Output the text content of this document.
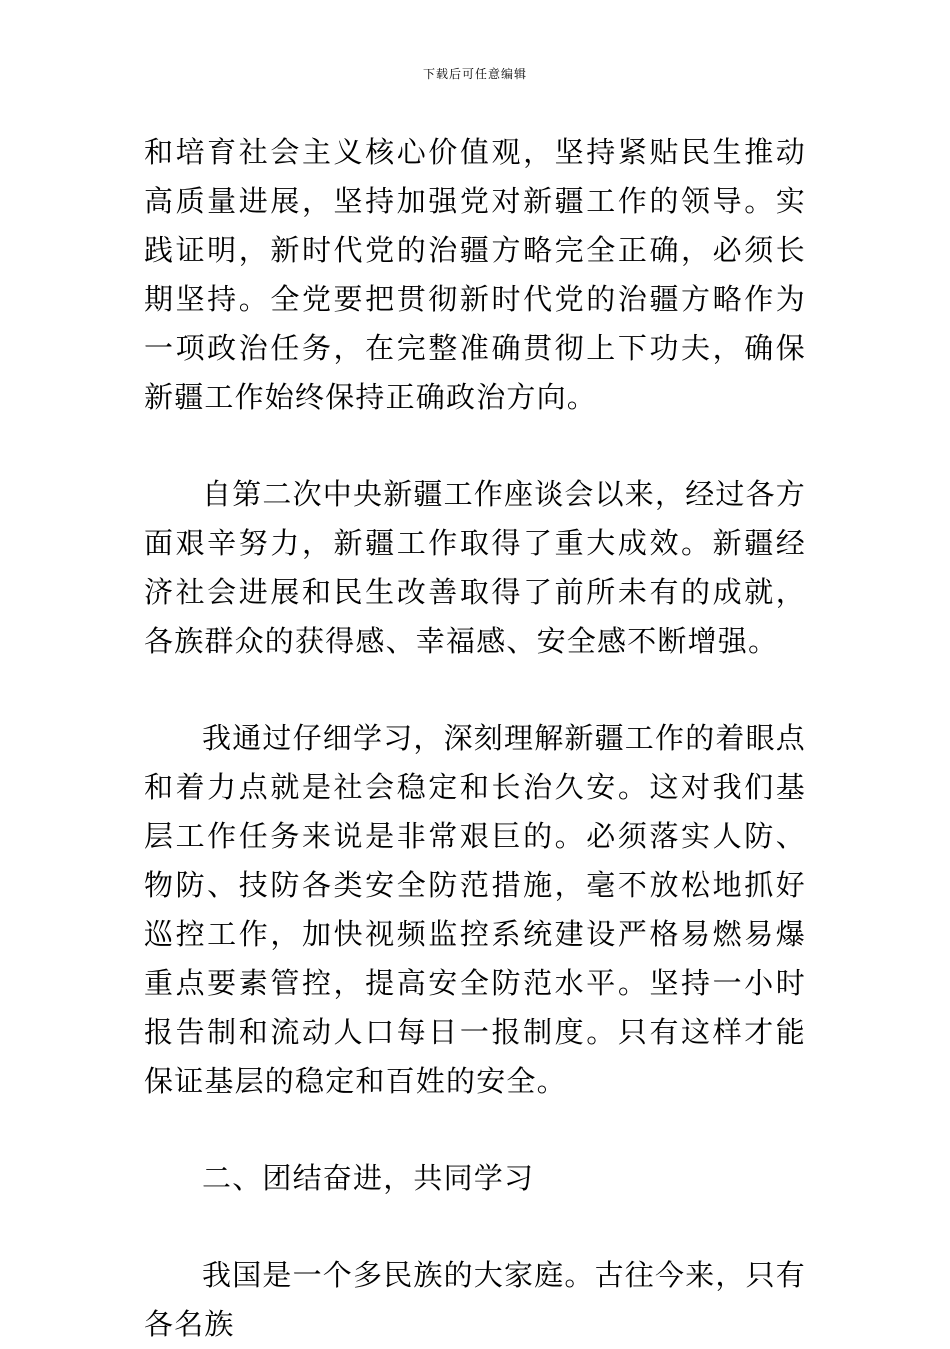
下载后可任意编辑

和培育社会主义核心价值观，坚持紧贴民生推动高质量进展，坚持加强党对新疆工作的领导。实践证明，新时代党的治疆方略完全正确，必须长期坚持。全党要把贯彻新时代党的治疆方略作为一项政治任务，在完整准确贯彻上下功夫，确保新疆工作始终保持正确政治方向。

自第二次中央新疆工作座谈会以来，经过各方面艰辛努力，新疆工作取得了重大成效。新疆经济社会进展和民生改善取得了前所未有的成就，各族群众的获得感、幸福感、安全感不断增强。

我通过仔细学习，深刻理解新疆工作的着眼点和着力点就是社会稳定和长治久安。这对我们基层工作任务来说是非常艰巨的。必须落实人防、物防、技防各类安全防范措施，毫不放松地抓好巡控工作，加快视频监控系统建设严格易燃易爆重点要素管控，提高安全防范水平。坚持一小时报告制和流动人口每日一报制度。只有这样才能保证基层的稳定和百姓的安全。

二、团结奋进，共同学习

我国是一个多民族的大家庭。古往今来，只有各名族
